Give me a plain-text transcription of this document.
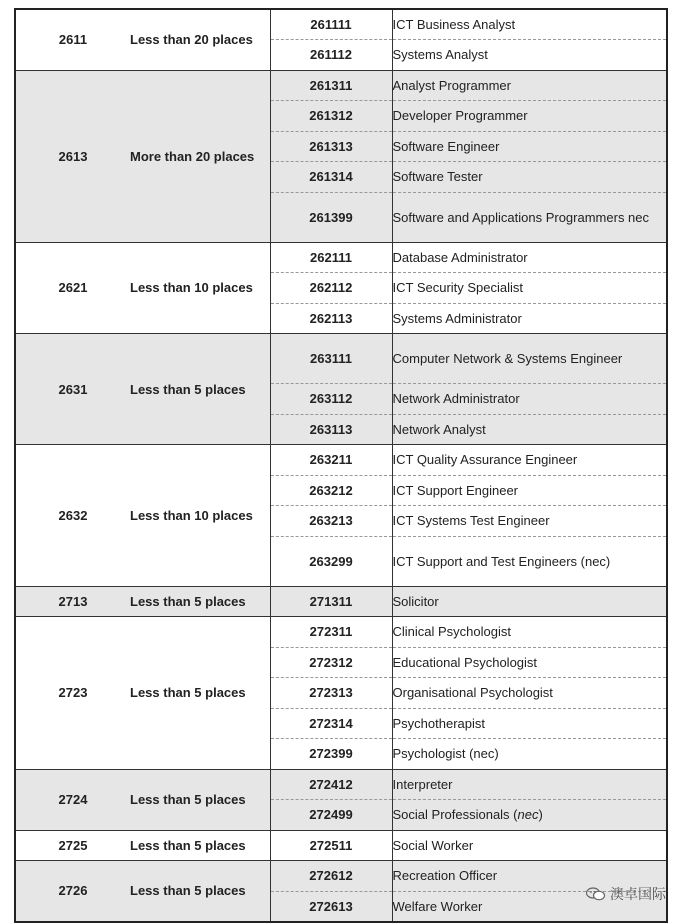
2611	Less than 20 places	261111	ICT Business Analyst
		261112	Systems Analyst
2613	More than 20 places	261311	Analyst Programmer
		261312	Developer Programmer
		261313	Software Engineer
		261314	Software Tester
		261399	Software and Applications Programmers nec
2621	Less than 10 places	262111	Database Administrator
		262112	ICT Security Specialist
		262113	Systems Administrator
2631	Less than 5 places	263111	Computer Network & Systems Engineer
		263112	Network Administrator
		263113	Network Analyst
2632	Less than 10 places	263211	ICT Quality Assurance Engineer
		263212	ICT Support Engineer
		263213	ICT Systems Test Engineer
		263299	ICT Support and Test Engineers (nec)
2713	Less than 5 places	271311	Solicitor
2723	Less than 5 places	272311	Clinical Psychologist
		272312	Educational Psychologist
		272313	Organisational Psychologist
		272314	Psychotherapist
		272399	Psychologist (nec)
2724	Less than 5 places	272412	Interpreter
		272499	Social Professionals (nec)
2725	Less than 5 places	272511	Social Worker
2726	Less than 5 places	272612	Recreation Officer
		272613	Welfare Worker
澳卓国际
